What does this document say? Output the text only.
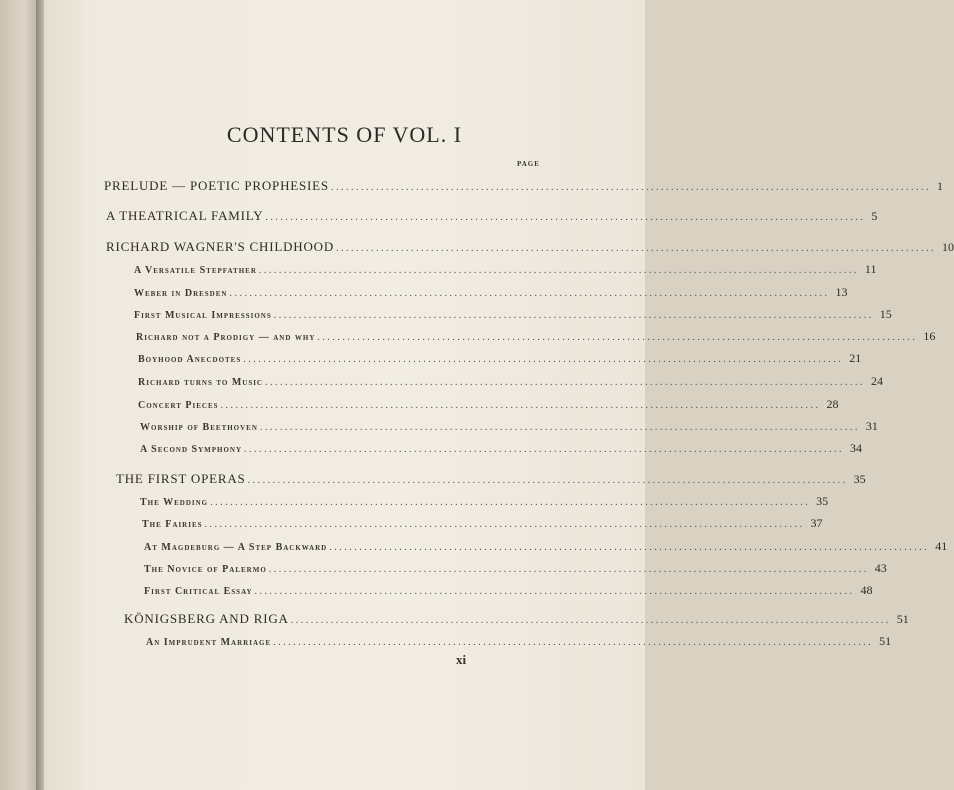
CONTENTS OF VOL. I
PAGE
PRELUDE — POETIC PROPHESIES ........................................................................................................................ 1
A THEATRICAL FAMILY ........................................................................................................................ 5
RICHARD WAGNER'S CHILDHOOD ........................................................................................................................ 10
A Versatile Stepfather ........................................................................................................................ 11
Weber in Dresden ........................................................................................................................ 13
First Musical Impressions ........................................................................................................................ 15
Richard not a Prodigy — and why ........................................................................................................................ 16
Boyhood Anecdotes ........................................................................................................................ 21
Richard turns to Music ........................................................................................................................ 24
Concert Pieces ........................................................................................................................ 28
Worship of Beethoven ........................................................................................................................ 31
A Second Symphony ........................................................................................................................ 34
THE FIRST OPERAS ........................................................................................................................ 35
The Wedding ........................................................................................................................ 35
The Fairies ........................................................................................................................ 37
At Magdeburg — A Step Backward ........................................................................................................................ 41
The Novice of Palermo ........................................................................................................................ 43
First Critical Essay ........................................................................................................................ 48
KÖNIGSBERG AND RIGA ........................................................................................................................ 51
An Imprudent Marriage ........................................................................................................................ 51
xi
